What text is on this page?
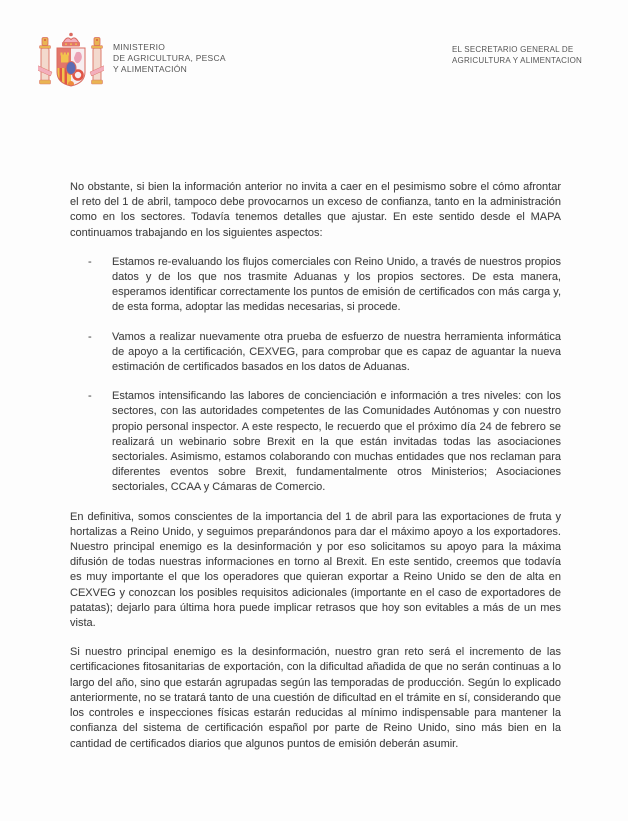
MINISTERIO
DE AGRICULTURA, PESCA
Y ALIMENTACIÓN
EL SECRETARIO GENERAL DE
AGRICULTURA Y ALIMENTACION

No obstante, si bien la información anterior no invita a caer en el pesimismo sobre el cómo afrontar el reto del 1 de abril, tampoco debe provocarnos un exceso de confianza, tanto en la administración como en los sectores. Todavía tenemos detalles que ajustar. En este sentido desde el MAPA continuamos trabajando en los siguientes aspectos:

-	Estamos re-evaluando los flujos comerciales con Reino Unido, a través de nuestros propios datos y de los que nos trasmite Aduanas y los propios sectores. De esta manera, esperamos identificar correctamente los puntos de emisión de certificados con más carga y, de esta forma, adoptar las medidas necesarias, si procede.
-	Vamos a realizar nuevamente otra prueba de esfuerzo de nuestra herramienta informática de apoyo a la certificación, CEXVEG, para comprobar que es capaz de aguantar la nueva estimación de certificados basados en los datos de Aduanas.
-	Estamos intensificando las labores de concienciación e información a tres niveles: con los sectores, con las autoridades competentes de las Comunidades Autónomas y con nuestro propio personal inspector. A este respecto, le recuerdo que el próximo día 24 de febrero se realizará un webinario sobre Brexit en la que están invitadas todas las asociaciones sectoriales. Asimismo, estamos colaborando con muchas entidades que nos reclaman para diferentes eventos sobre Brexit, fundamentalmente otros Ministerios; Asociaciones sectoriales, CCAA y Cámaras de Comercio.

En definitiva, somos conscientes de la importancia del 1 de abril para las exportaciones de fruta y hortalizas a Reino Unido, y seguimos preparándonos para dar el máximo apoyo a los exportadores. Nuestro principal enemigo es la desinformación y por eso solicitamos su apoyo para la máxima difusión de todas nuestras informaciones en torno al Brexit. En este sentido, creemos que todavía es muy importante el que los operadores que quieran exportar a Reino Unido se den de alta en CEXVEG y conozcan los posibles requisitos adicionales (importante en el caso de exportadores de patatas); dejarlo para última hora puede implicar retrasos que hoy son evitables a más de un mes vista.

Si nuestro principal enemigo es la desinformación, nuestro gran reto será el incremento de las certificaciones fitosanitarias de exportación, con la dificultad añadida de que no serán continuas a lo largo del año, sino que estarán agrupadas según las temporadas de producción. Según lo explicado anteriormente, no se tratará tanto de una cuestión de dificultad en el trámite en sí, considerando que los controles e inspecciones físicas estarán reducidas al mínimo indispensable para mantener la confianza del sistema de certificación español por parte de Reino Unido, sino más bien en la cantidad de certificados diarios que algunos puntos de emisión deberán asumir.
